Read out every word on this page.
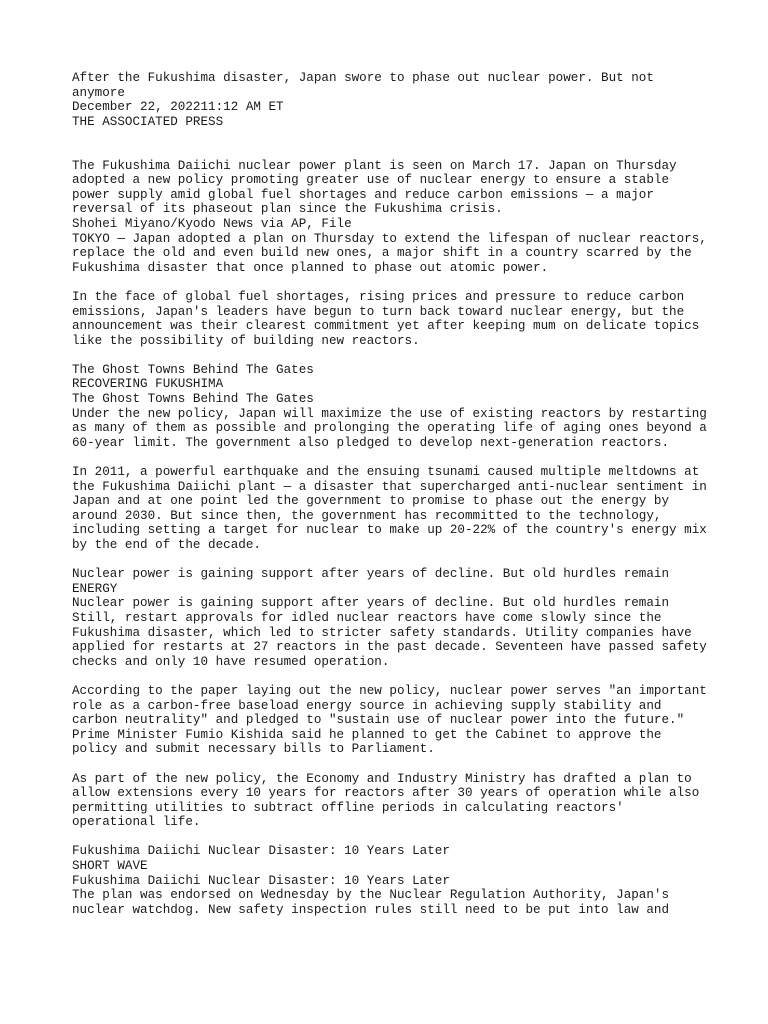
After the Fukushima disaster, Japan swore to phase out nuclear power. But not anymore
December 22, 202211:12 AM ET
THE ASSOCIATED PRESS
The Fukushima Daiichi nuclear power plant is seen on March 17. Japan on Thursday adopted a new policy promoting greater use of nuclear energy to ensure a stable power supply amid global fuel shortages and reduce carbon emissions — a major reversal of its phaseout plan since the Fukushima crisis.
Shohei Miyano/Kyodo News via AP, File
TOKYO — Japan adopted a plan on Thursday to extend the lifespan of nuclear reactors, replace the old and even build new ones, a major shift in a country scarred by the Fukushima disaster that once planned to phase out atomic power.

In the face of global fuel shortages, rising prices and pressure to reduce carbon emissions, Japan's leaders have begun to turn back toward nuclear energy, but the announcement was their clearest commitment yet after keeping mum on delicate topics like the possibility of building new reactors.

The Ghost Towns Behind The Gates
RECOVERING FUKUSHIMA
The Ghost Towns Behind The Gates
Under the new policy, Japan will maximize the use of existing reactors by restarting as many of them as possible and prolonging the operating life of aging ones beyond a 60-year limit. The government also pledged to develop next-generation reactors.

In 2011, a powerful earthquake and the ensuing tsunami caused multiple meltdowns at the Fukushima Daiichi plant — a disaster that supercharged anti-nuclear sentiment in Japan and at one point led the government to promise to phase out the energy by around 2030. But since then, the government has recommitted to the technology, including setting a target for nuclear to make up 20-22% of the country's energy mix by the end of the decade.

Nuclear power is gaining support after years of decline. But old hurdles remain
ENERGY
Nuclear power is gaining support after years of decline. But old hurdles remain
Still, restart approvals for idled nuclear reactors have come slowly since the Fukushima disaster, which led to stricter safety standards. Utility companies have applied for restarts at 27 reactors in the past decade. Seventeen have passed safety checks and only 10 have resumed operation.

According to the paper laying out the new policy, nuclear power serves "an important role as a carbon-free baseload energy source in achieving supply stability and carbon neutrality" and pledged to "sustain use of nuclear power into the future." Prime Minister Fumio Kishida said he planned to get the Cabinet to approve the policy and submit necessary bills to Parliament.

As part of the new policy, the Economy and Industry Ministry has drafted a plan to allow extensions every 10 years for reactors after 30 years of operation while also permitting utilities to subtract offline periods in calculating reactors' operational life.

Fukushima Daiichi Nuclear Disaster: 10 Years Later
SHORT WAVE
Fukushima Daiichi Nuclear Disaster: 10 Years Later
The plan was endorsed on Wednesday by the Nuclear Regulation Authority, Japan's nuclear watchdog. New safety inspection rules still need to be put into law and
